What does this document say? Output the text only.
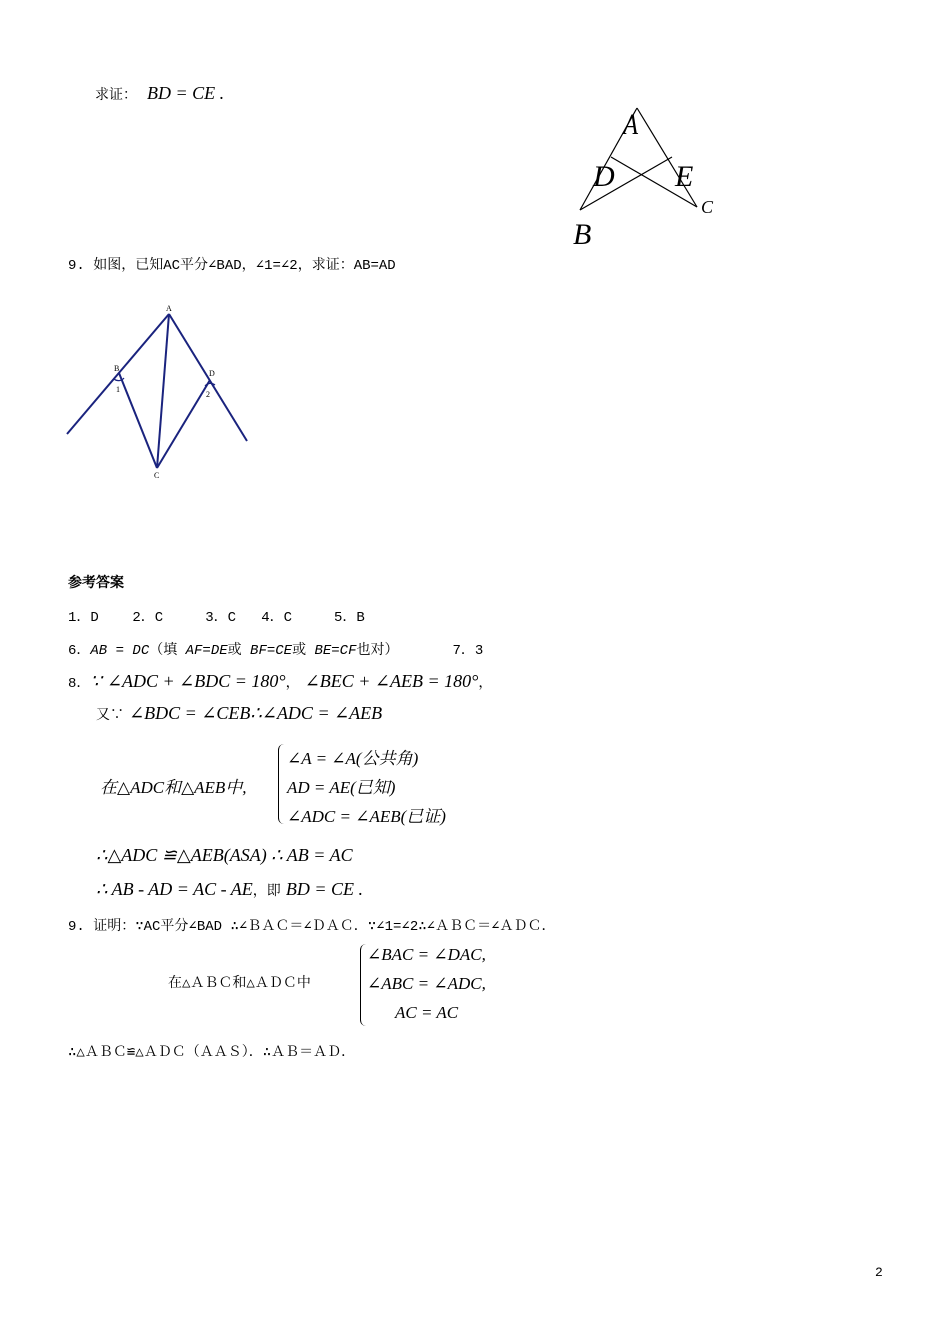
求证： BD = CE .
A
D E
B
C
9. 如图，已知AC平分∠BAD，∠1=∠2，求证：AB=AD
A
B
D
C
1
2
参考答案
1．D    2．C     3．C   4．C     5．B
6．AB = DC（填 AF=DE或 BF=CE或 BE=CF也对）	7．3
8．∵ ∠ADC + ∠BDC = 180°， ∠BEC + ∠AEB = 180°，
又∵ ∠BDC = ∠CEB∴∠ADC = ∠AEB
在△ADC和△AEB中,
∠A = ∠A(公共角)
AD = AE(已知)
∠ADC = ∠AEB(已证)
∴△ADC ≌△AEB(ASA) ∴ AB = AC
∴ AB - AD = AC - AE，即 BD = CE .
9. 证明：∵AC平分∠BAD ∴∠ＢＡＣ＝∠ＤＡＣ．∵∠1=∠2∴∠ＡＢＣ＝∠ＡＤＣ．
在△ＡＢＣ和△ＡＤＣ中
∠BAC = ∠DAC,
∠ABC = ∠ADC,
AC = AC
∴△ＡＢＣ≌△ＡＤＣ（ＡＡＳ）．∴ＡＢ＝ＡＤ．
2
